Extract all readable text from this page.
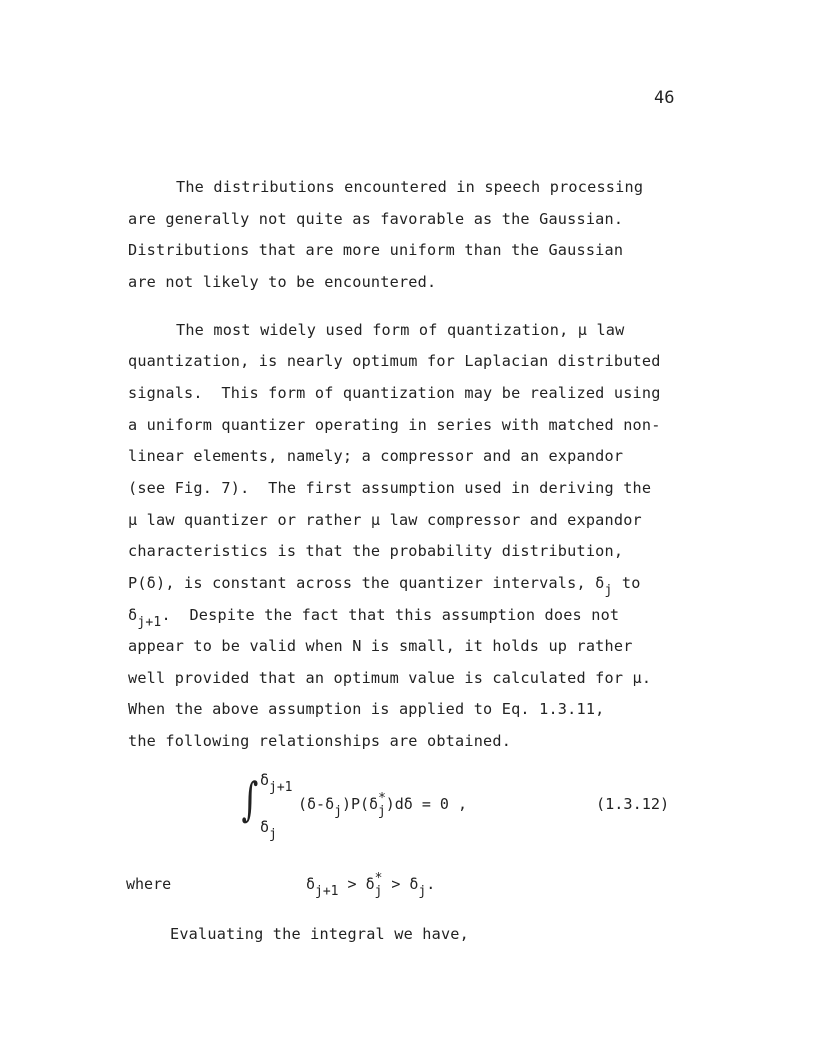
46
The distributions encountered in speech processing
are generally not quite as favorable as the Gaussian.
Distributions that are more uniform than the Gaussian
are not likely to be encountered.
The most widely used form of quantization, μ law
quantization, is nearly optimum for Laplacian distributed
signals.  This form of quantization may be realized using
a uniform quantizer operating in series with matched non-
linear elements, namely; a compressor and an expandor
(see Fig. 7).  The first assumption used in deriving the
μ law quantizer or rather μ law compressor and expandor
characteristics is that the probability distribution,
P(δ), is constant across the quantizer intervals, δj to
δj+1.  Despite the fact that this assumption does not
appear to be valid when N is small, it holds up rather
well provided that an optimum value is calculated for μ.
When the above assumption is applied to Eq. 1.3.11,
the following relationships are obtained.
∫ δj+1
δj
(δ-δj)P(δ*j)dδ = 0 ,	(1.3.12)
where	δj+1 > δ*j > δj.
Evaluating the integral we have,
